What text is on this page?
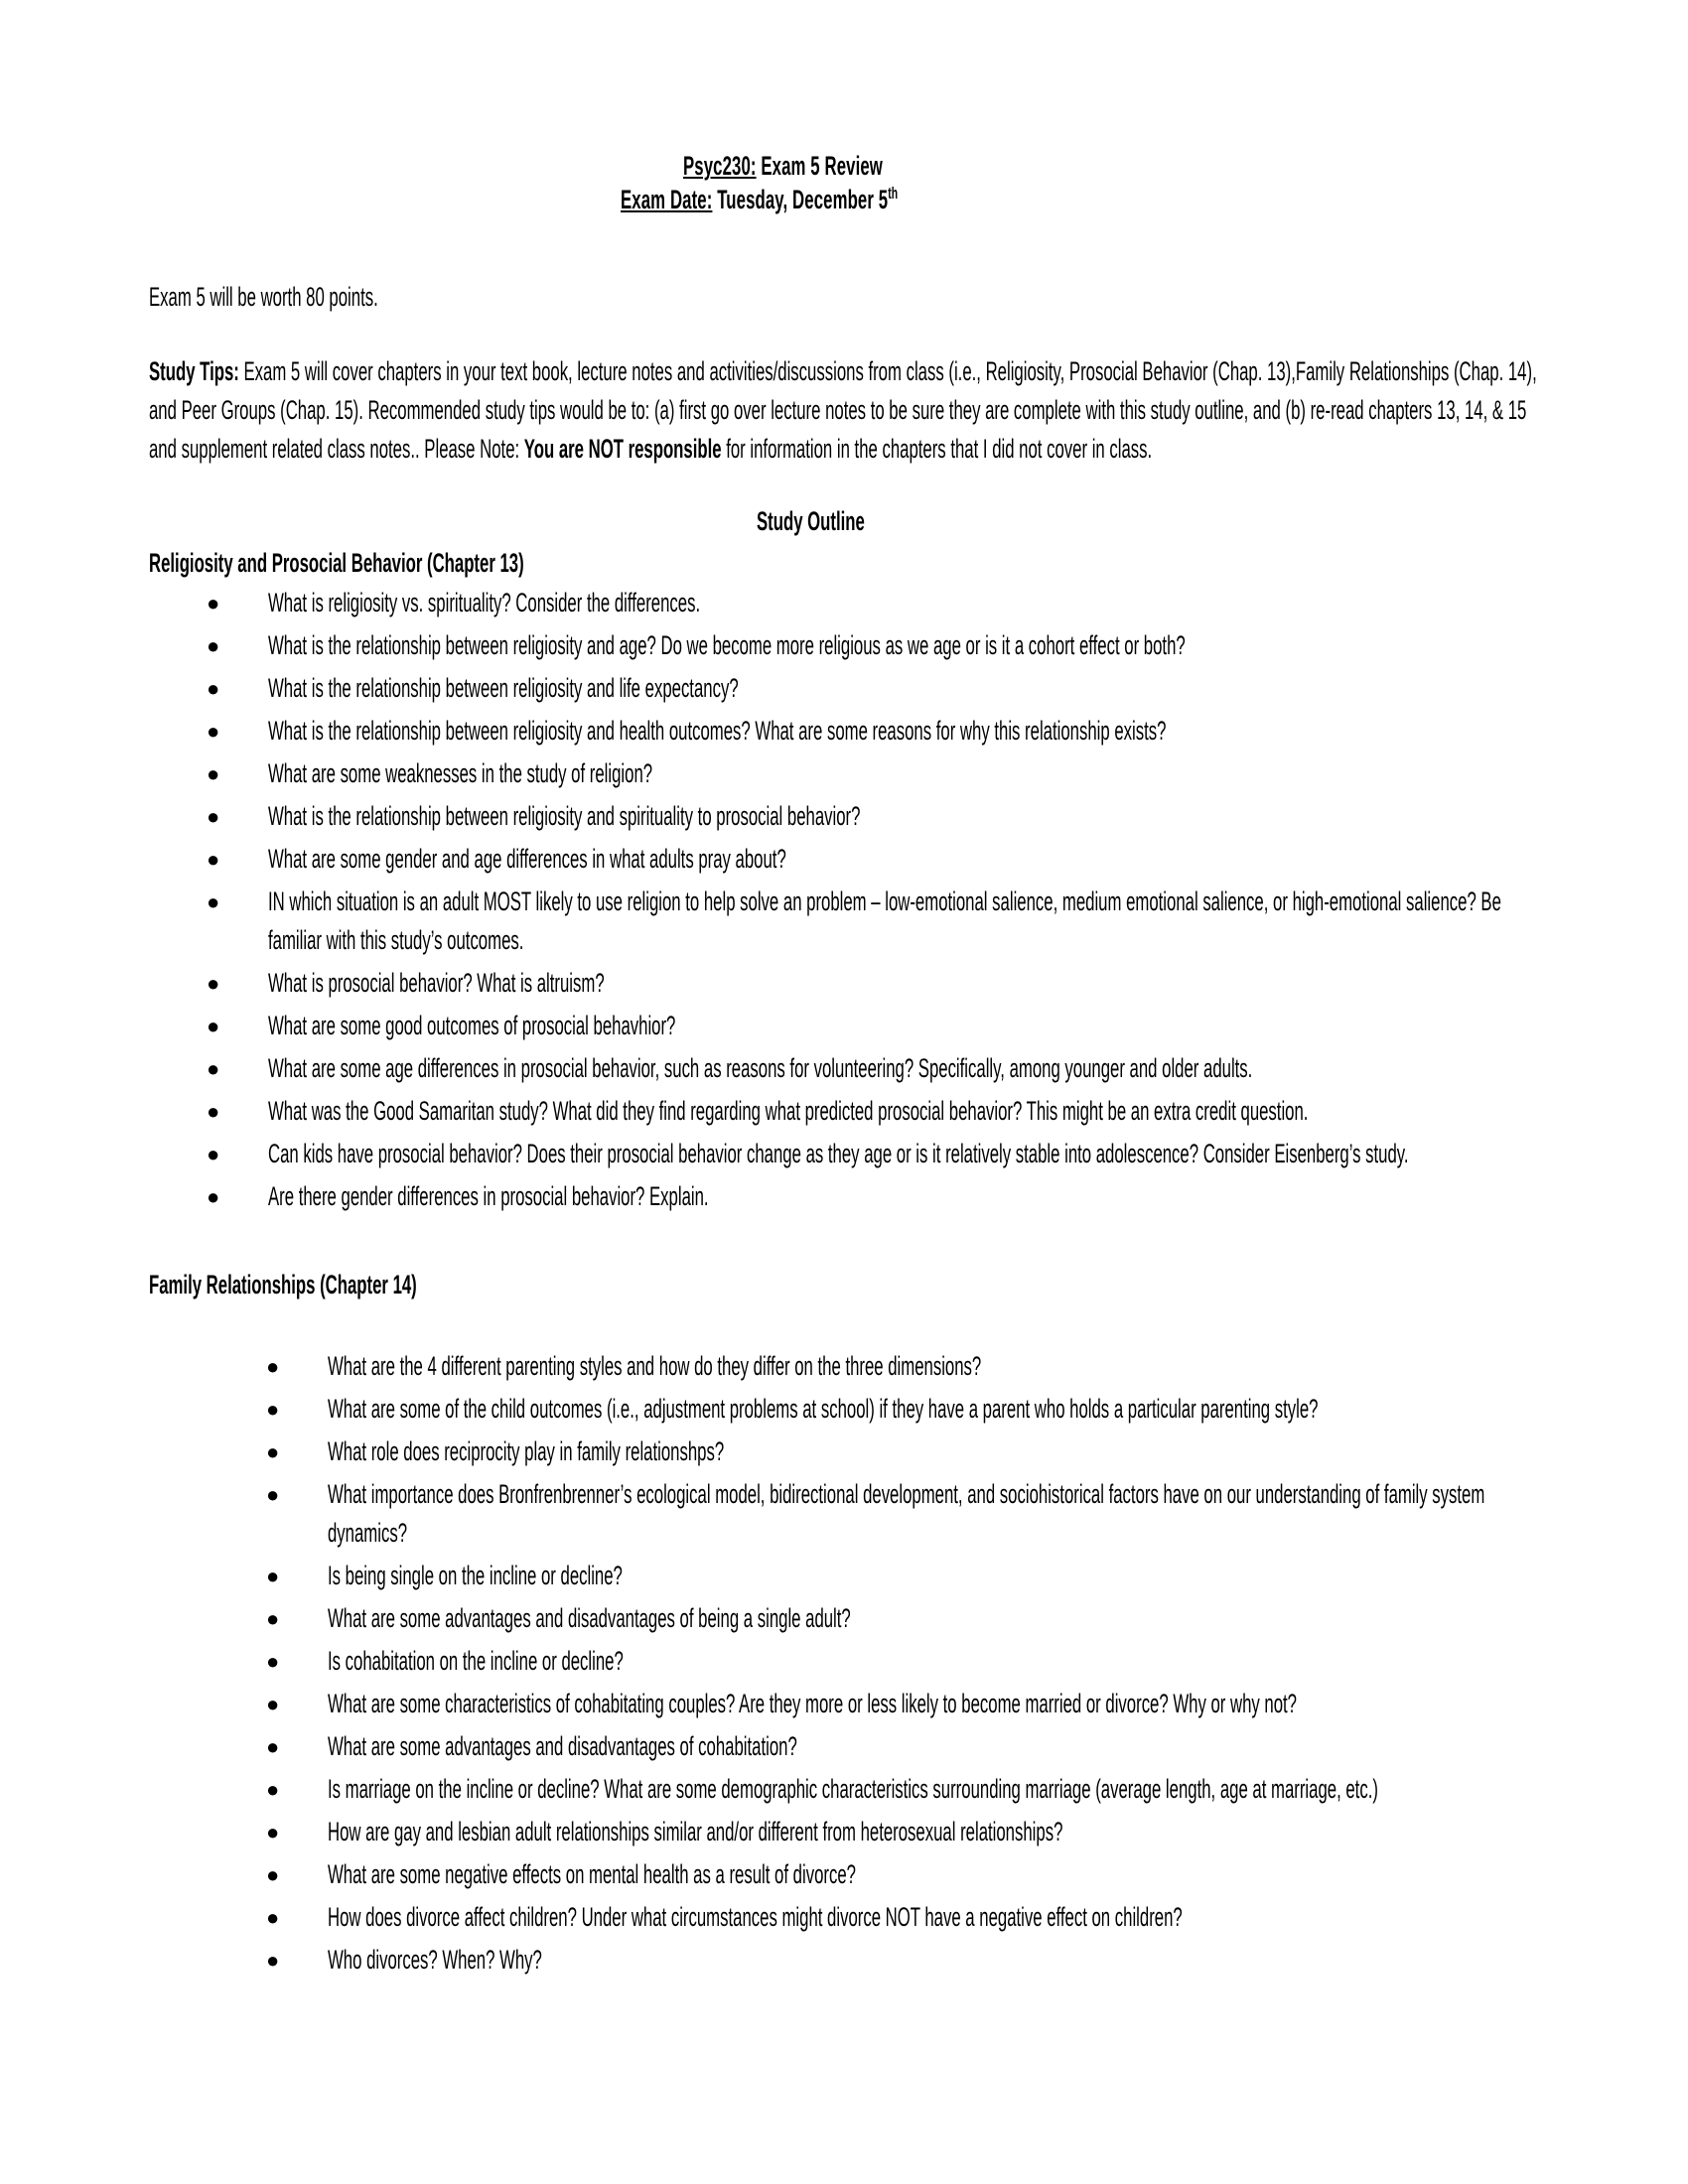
Psyc230: Exam 5 Review
Exam Date: Tuesday, December 5th

Exam 5 will be worth 80 points.

Study Tips: Exam 5 will cover chapters in your text book, lecture notes and activities/discussions from class (i.e., Religiosity, Prosocial Behavior (Chap. 13),Family Relationships (Chap. 14), and Peer Groups (Chap. 15). Recommended study tips would be to: (a) first go over lecture notes to be sure they are complete with this study outline, and (b) re-read chapters 13, 14, & 15 and supplement related class notes.. Please Note: You are NOT responsible for information in the chapters that I did not cover in class.

Study Outline
Religiosity and Prosocial Behavior (Chapter 13)
● What is religiosity vs. spirituality? Consider the differences.
● What is the relationship between religiosity and age? Do we become more religious as we age or is it a cohort effect or both?
● What is the relationship between religiosity and life expectancy?
● What is the relationship between religiosity and health outcomes? What are some reasons for why this relationship exists?
● What are some weaknesses in the study of religion?
● What is the relationship between religiosity and spirituality to prosocial behavior?
● What are some gender and age differences in what adults pray about?
● IN which situation is an adult MOST likely to use religion to help solve an problem – low-emotional salience, medium emotional salience, or high-emotional salience? Be familiar with this study’s outcomes.
● What is prosocial behavior? What is altruism?
● What are some good outcomes of prosocial behavhior?
● What are some age differences in prosocial behavior, such as reasons for volunteering? Specifically, among younger and older adults.
● What was the Good Samaritan study? What did they find regarding what predicted prosocial behavior? This might be an extra credit question.
● Can kids have prosocial behavior? Does their prosocial behavior change as they age or is it relatively stable into adolescence? Consider Eisenberg’s study.
● Are there gender differences in prosocial behavior? Explain.
Family Relationships (Chapter 14)
● What are the 4 different parenting styles and how do they differ on the three dimensions?
● What are some of the child outcomes (i.e., adjustment problems at school) if they have a parent who holds a particular parenting style?
● What role does reciprocity play in family relationshps?
● What importance does Bronfrenbrenner’s ecological model, bidirectional development, and sociohistorical factors have on our understanding of family system dynamics?
● Is being single on the incline or decline?
● What are some advantages and disadvantages of being a single adult?
● Is cohabitation on the incline or decline?
● What are some characteristics of cohabitating couples? Are they more or less likely to become married or divorce? Why or why not?
● What are some advantages and disadvantages of cohabitation?
● Is marriage on the incline or decline? What are some demographic characteristics surrounding marriage (average length, age at marriage, etc.)
● How are gay and lesbian adult relationships similar and/or different from heterosexual relationships?
● What are some negative effects on mental health as a result of divorce?
● How does divorce affect children? Under what circumstances might divorce NOT have a negative effect on children?
● Who divorces? When? Why?
